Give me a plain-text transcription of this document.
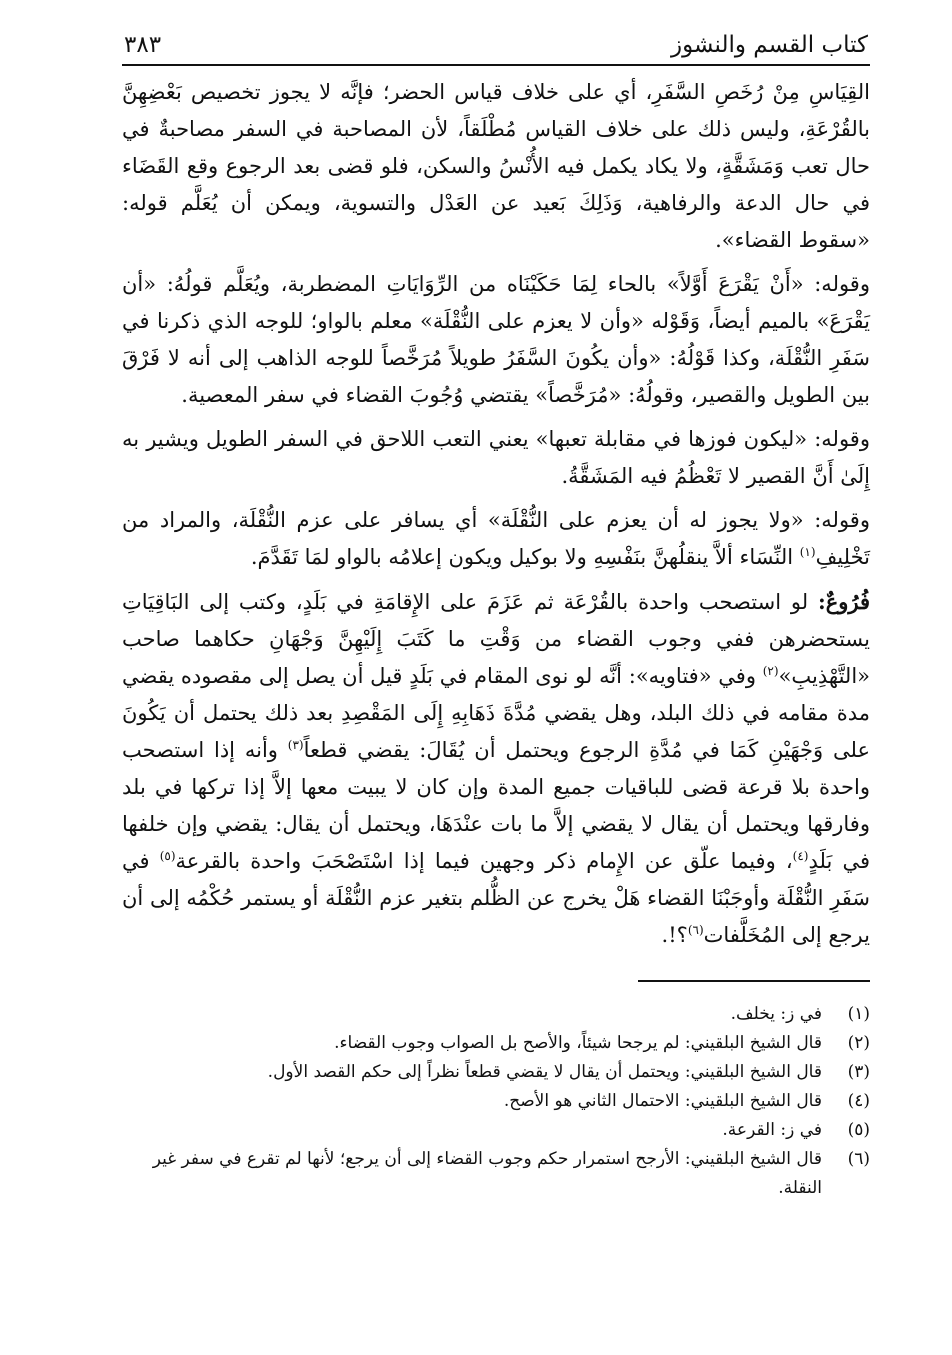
كتاب القسم والنشوز
٣٨٣

القِيَاسِ مِنْ رُخَصِ السَّفَرِ، أي على خلاف قياس الحضر؛ فإنَّه لا يجوز تخصيص بَعْضِهِنَّ بالقُرْعَةِ، وليس ذلك على خلاف القياس مُطْلَقاً، لأن المصاحبة في السفر مصاحبةٌ في حال تعب وَمَشَقَّةٍ، ولا يكاد يكمل فيه الأُنْسُ والسكن، فلو قضى بعد الرجوع وقع القَضَاء في حال الدعة والرفاهية، وَذَلِكَ بَعيد عن العَدْل والتسوية، ويمكن أن يُعَلَّم قوله: «سقوط القضاء».

وقوله: «أَنْ يَقْرَعَ أَوَّلاً» بالحاء لِمَا حَكَيْنَاه من الرِّوَايَاتِ المضطربة، ويُعَلَّم قولُهُ: «أن يَقْرَعَ» بالميم أيضاً، وَقَوْله «وأن لا يعزم على النُّقْلَة» معلم بالواو؛ للوجه الذي ذكرنا في سَفَرِ النُّقْلَة، وكذا قَوْلُهُ: «وأن يكُونَ السَّفَرُ طويلاً مُرَخَّصاً للوجه الذاهب إلى أنه لا فَرْقَ بين الطويل والقصير، وقولُهُ: «مُرَخَّصاً» يقتضي وُجُوبَ القضاء في سفر المعصية.

وقوله: «ليكون فوزها في مقابلة تعبها» يعني التعب اللاحق في السفر الطويل ويشير به إِلَىٰ أَنَّ القصير لا تَعْظُمُ فيه المَشَقَّةُ.

وقوله: «ولا يجوز له أن يعزم على النُّقْلَة» أي يسافر على عزم النُّقْلَة، والمراد من تَخْلِيفِ$^{(١)}$ النِّسَاء ألاَّ ينقلُهنَّ بنَفْسِهِ ولا بوكيل ويكون إعلامُه بالواو لمَا تَقَدَّمَ.

فُرُوعٌ: لو استصحب واحدة بالقُرْعَة ثم عَزَمَ على الإِقامَةِ في بَلَدٍ، وكتب إلى البَاقِيَاتِ يستحضرهن ففي وجوب القضاء من وَقْتِ ما كَتَبَ إِلَيْهِنَّ وَجْهَانِ حكاهما صاحب «التَّهْذِيبِ»$^{(٢)}$ وفي «فتاويه»: أنَّه لو نوى المقام في بَلَدٍ قيل أن يصل إلى مقصوده يقضي مدة مقامه في ذلك البلد، وهل يقضي مُدَّةَ ذَهَابِهِ إِلَى المَقْصِدِ بعد ذلك يحتمل أن يَكُونَ على وَجْهَيْنِ كَمَا في مُدَّةِ الرجوع ويحتمل أن يُقَالَ: يقضي قطعاً$^{(٣)}$ وأنه إذا استصحب واحدة بلا قرعة قضى للباقيات جميع المدة وإن كان لا يبيت معها إلاَّ إذا تركها في بلد وفارقها ويحتمل أن يقال لا يقضي إلاَّ ما بات عنْدَهَا، ويحتمل أن يقال: يقضي وإن خلفها في بَلَدٍ$^{(٤)}$، وفيما علّق عن الإِمام ذكر وجهين فيما إذا اسْتَصْحَبَ واحدة بالقرعة$^{(٥)}$ في سَفَرِ النُّقْلَة وأوجَبْنَا القضاء هَلْ يخرج عن الظُّلم بتغير عزم النُّقْلَة أو يستمر حُكْمُه إلى أن يرجع إلى المُخَلَّفات$^{(٦)}$؟!.

(١)
في ز: يخلف.
(٢)
قال الشيخ البلقيني: لم يرجحا شيئاً، والأصح بل الصواب وجوب القضاء.
(٣)
قال الشيخ البلقيني: ويحتمل أن يقال لا يقضي قطعاً نظراً إلى حكم القصد الأول.
(٤)
قال الشيخ البلقيني: الاحتمال الثاني هو الأصح.
(٥)
في ز: القرعة.
(٦)
قال الشيخ البلقيني: الأرجح استمرار حكم وجوب القضاء إلى أن يرجع؛ لأنها لم تقرع في سفر غير النقلة.
